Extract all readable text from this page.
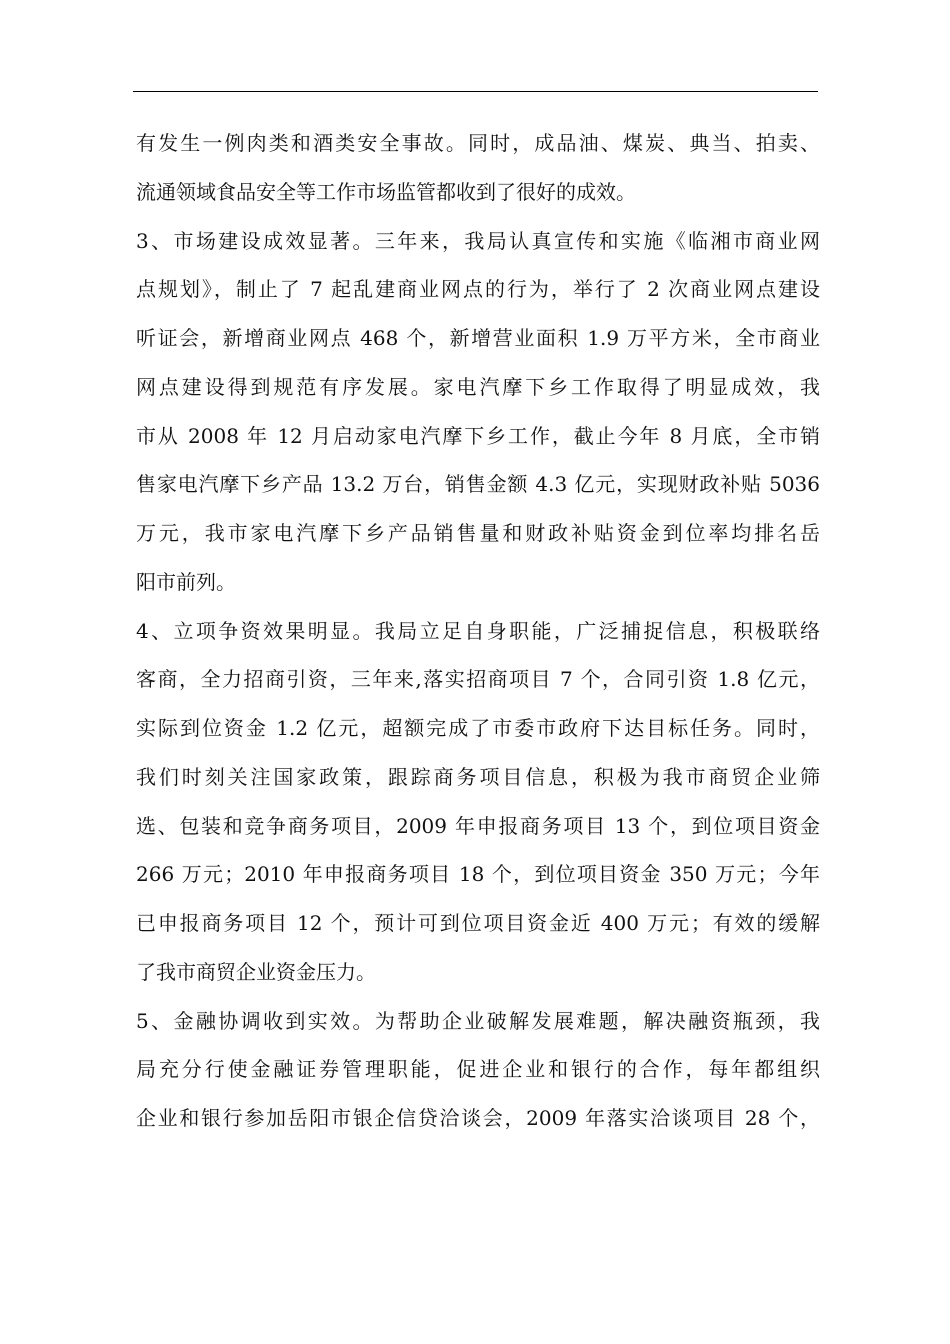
有发生一例肉类和酒类安全事故。同时，成品油、煤炭、典当、拍卖、
流通领域食品安全等工作市场监管都收到了很好的成效。
3、市场建设成效显著。三年来，我局认真宣传和实施《临湘市商业网
点规划》，制止了 7 起乱建商业网点的行为，举行了 2 次商业网点建设
听证会，新增商业网点 468 个，新增营业面积 1.9 万平方米，全市商业
网点建设得到规范有序发展。家电汽摩下乡工作取得了明显成效，我
市从 2008 年 12 月启动家电汽摩下乡工作，截止今年 8 月底，全市销
售家电汽摩下乡产品 13.2 万台，销售金额 4.3 亿元，实现财政补贴 5036
万元，我市家电汽摩下乡产品销售量和财政补贴资金到位率均排名岳
阳市前列。
4、立项争资效果明显。我局立足自身职能，广泛捕捉信息，积极联络
客商，全力招商引资，三年来,落实招商项目 7 个，合同引资 1.8 亿元，
实际到位资金 1.2 亿元，超额完成了市委市政府下达目标任务。同时，
我们时刻关注国家政策，跟踪商务项目信息，积极为我市商贸企业筛
选、包装和竞争商务项目，2009 年申报商务项目 13 个，到位项目资金
266 万元；2010 年申报商务项目 18 个，到位项目资金 350 万元；今年
已申报商务项目 12 个，预计可到位项目资金近 400 万元；有效的缓解
了我市商贸企业资金压力。
5、金融协调收到实效。为帮助企业破解发展难题，解决融资瓶颈，我
局充分行使金融证券管理职能，促进企业和银行的合作，每年都组织
企业和银行参加岳阳市银企信贷洽谈会，2009 年落实洽谈项目 28 个，
